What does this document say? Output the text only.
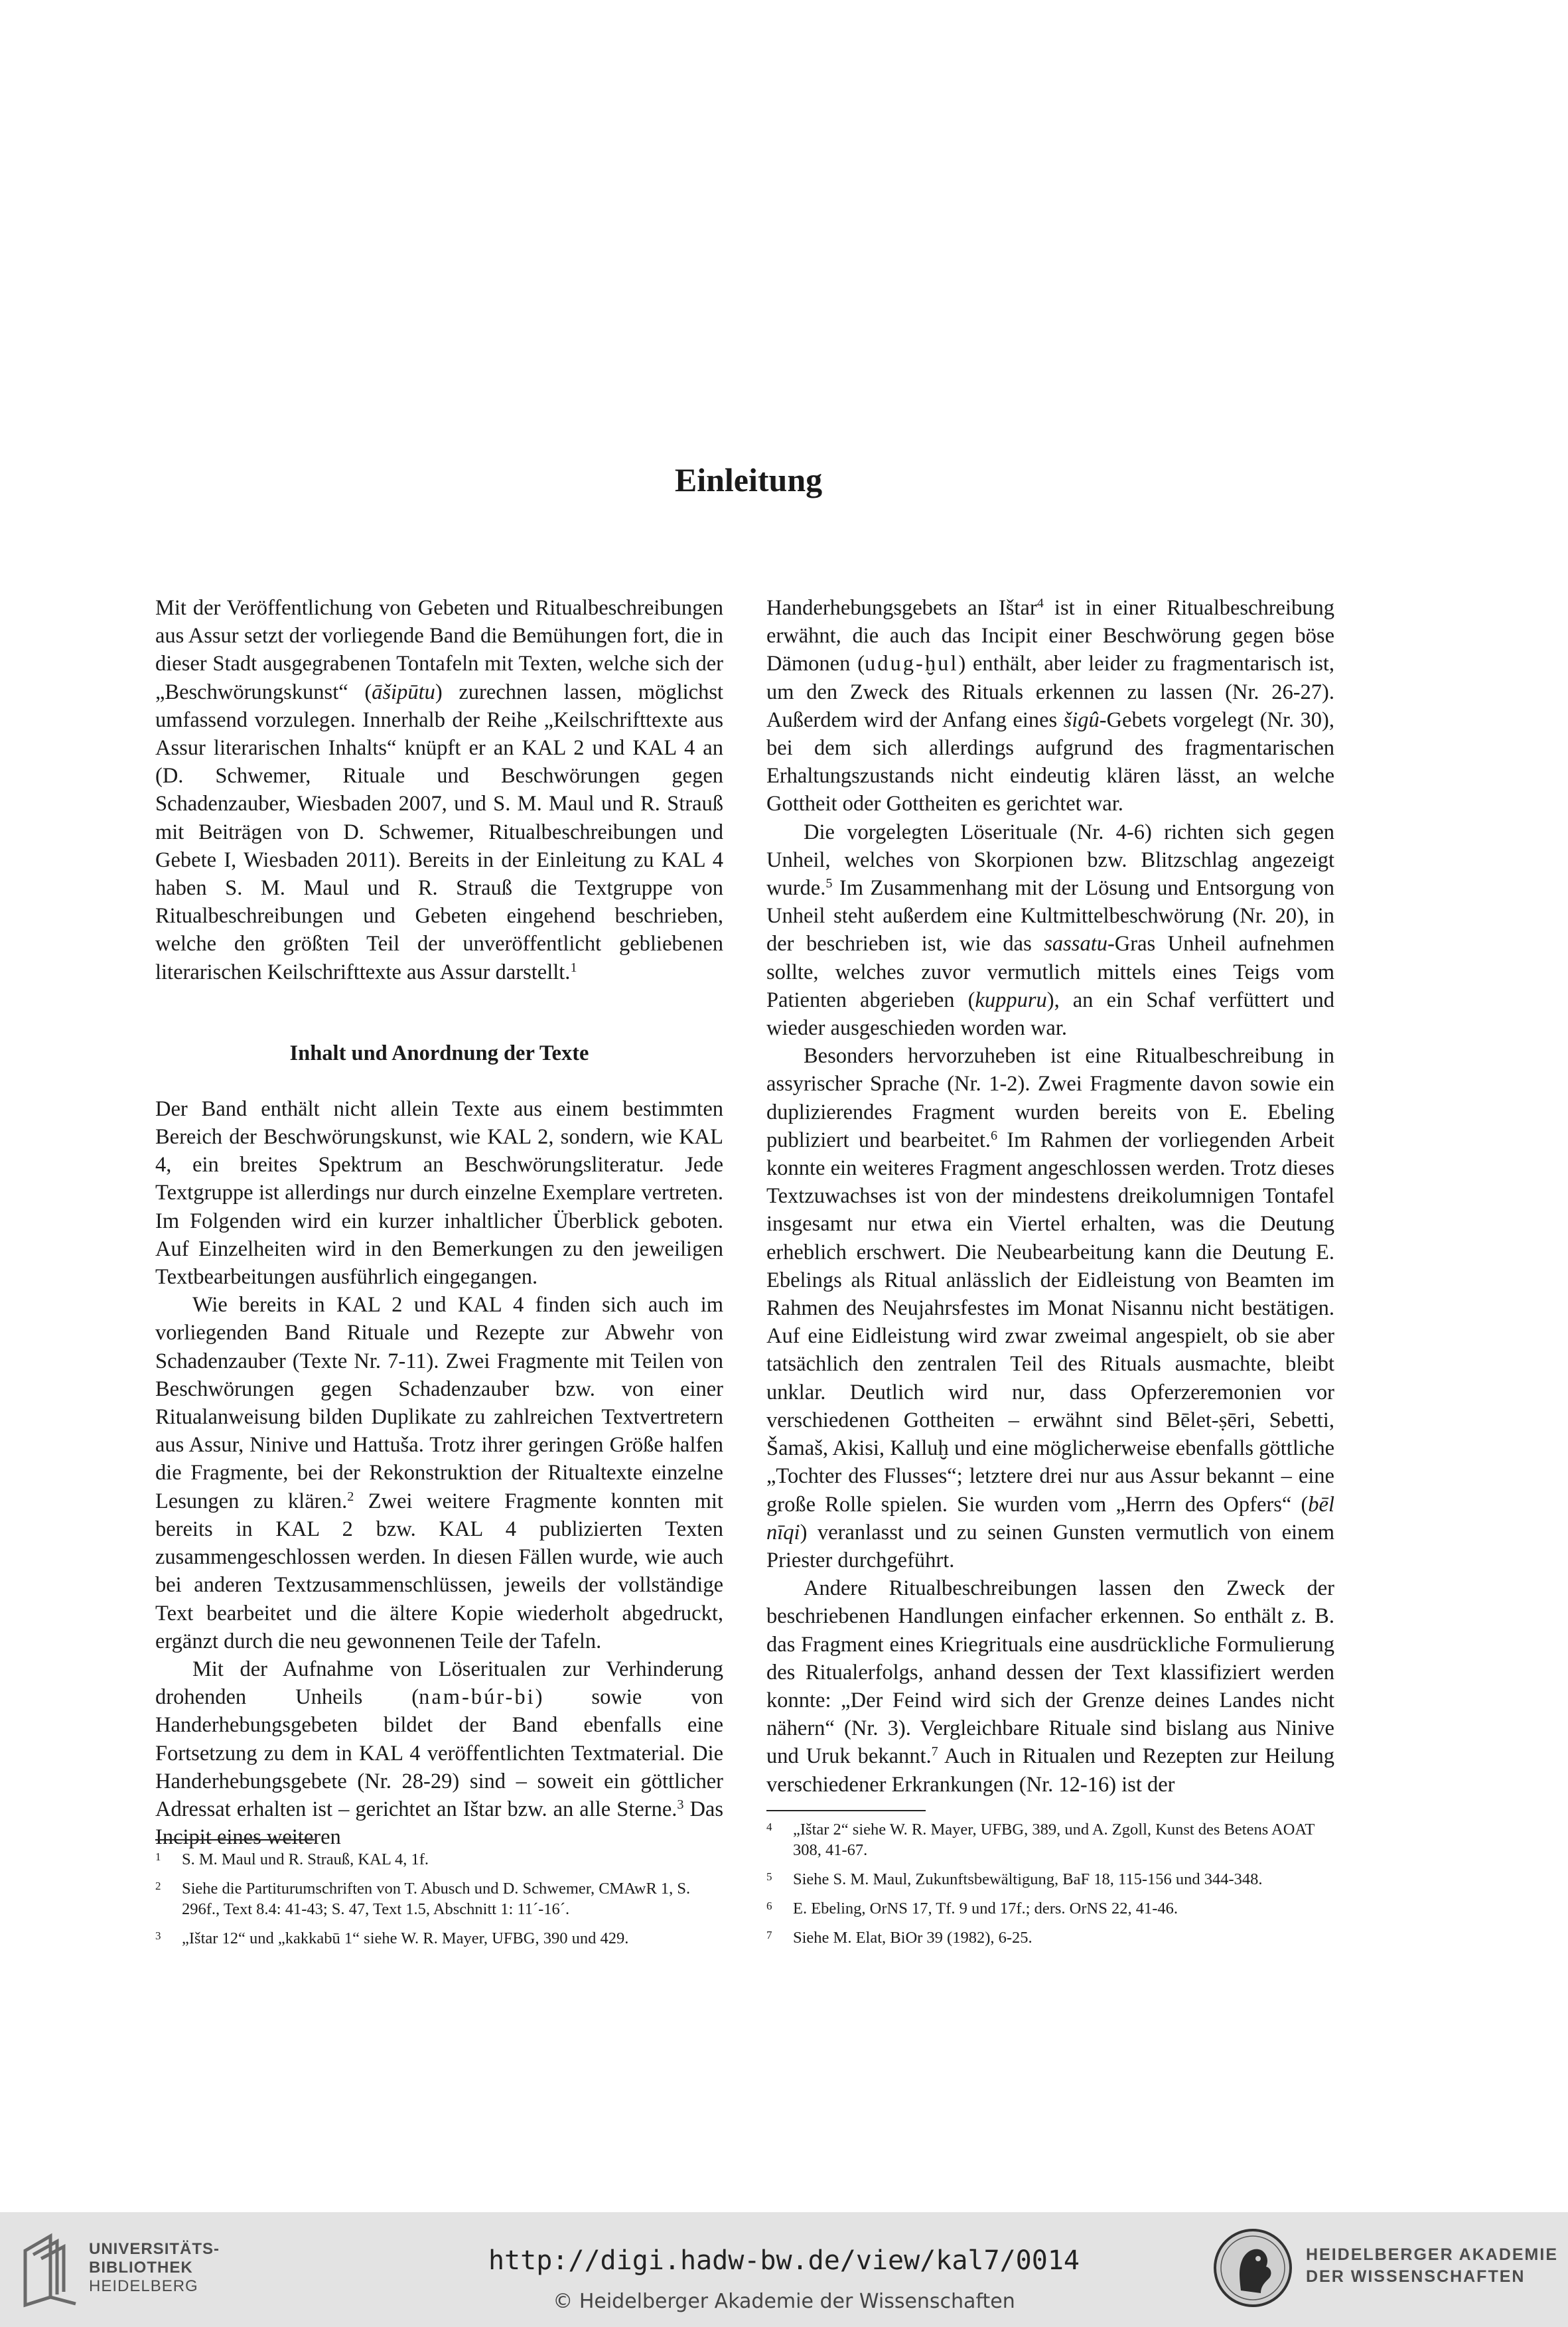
Einleitung

Mit der Veröffentlichung von Gebeten und Ritualbeschreibungen aus Assur setzt der vorliegende Band die Bemühungen fort, die in dieser Stadt ausgegrabenen Tontafeln mit Texten, welche sich der „Beschwörungskunst“ (āšipūtu) zurechnen lassen, möglichst umfassend vorzulegen. Innerhalb der Reihe „Keilschrifttexte aus Assur literarischen Inhalts“ knüpft er an KAL 2 und KAL 4 an (D. Schwemer, Rituale und Beschwörungen gegen Schadenzauber, Wiesbaden 2007, und S. M. Maul und R. Strauß mit Beiträgen von D. Schwemer, Ritualbeschreibungen und Gebete I, Wiesbaden 2011). Bereits in der Einleitung zu KAL 4 haben S. M. Maul und R. Strauß die Textgruppe von Ritualbeschreibungen und Gebeten eingehend beschrieben, welche den größten Teil der unveröffentlicht gebliebenen literarischen Keilschrifttexte aus Assur darstellt.$^1$

Inhalt und Anordnung der Texte

Der Band enthält nicht allein Texte aus einem bestimmten Bereich der Beschwörungskunst, wie KAL 2, sondern, wie KAL 4, ein breites Spektrum an Beschwörungsliteratur. Jede Textgruppe ist allerdings nur durch einzelne Exemplare vertreten. Im Folgenden wird ein kurzer inhaltlicher Überblick geboten. Auf Einzelheiten wird in den Bemerkungen zu den jeweiligen Textbearbeitungen ausführlich eingegangen.

Wie bereits in KAL 2 und KAL 4 finden sich auch im vorliegenden Band Rituale und Rezepte zur Abwehr von Schadenzauber (Texte Nr. 7-11). Zwei Fragmente mit Teilen von Beschwörungen gegen Schadenzauber bzw. von einer Ritualanweisung bilden Duplikate zu zahlreichen Textvertretern aus Assur, Ninive und Hattuša. Trotz ihrer geringen Größe halfen die Fragmente, bei der Rekonstruktion der Ritualtexte einzelne Lesungen zu klären.$^2$ Zwei weitere Fragmente konnten mit bereits in KAL 2 bzw. KAL 4 publizierten Texten zusammengeschlossen werden. In diesen Fällen wurde, wie auch bei anderen Textzusammenschlüssen, jeweils der vollständige Text bearbeitet und die ältere Kopie wiederholt abgedruckt, ergänzt durch die neu gewonnenen Teile der Tafeln.

Mit der Aufnahme von Löseritualen zur Verhinderung drohenden Unheils (nam-búr-bi) sowie von Handerhebungsgebeten bildet der Band ebenfalls eine Fortsetzung zu dem in KAL 4 veröffentlichten Textmaterial. Die Handerhebungsgebete (Nr. 28-29) sind – soweit ein göttlicher Adressat erhalten ist – gerichtet an Ištar bzw. an alle Sterne.$^3$ Das Incipit eines weiteren

1 S. M. Maul und R. Strauß, KAL 4, 1f.
2 Siehe die Partiturumschriften von T. Abusch und D. Schwemer, CMAwR 1, S. 296f., Text 8.4: 41-43; S. 47, Text 1.5, Abschnitt 1: 11´-16´.
3 „Ištar 12“ und „kakkabū 1“ siehe W. R. Mayer, UFBG, 390 und 429.

Handerhebungsgebets an Ištar$^4$ ist in einer Ritualbeschreibung erwähnt, die auch das Incipit einer Beschwörung gegen böse Dämonen (udug-ḫul) enthält, aber leider zu fragmentarisch ist, um den Zweck des Rituals erkennen zu lassen (Nr. 26-27). Außerdem wird der Anfang eines šigû-Gebets vorgelegt (Nr. 30), bei dem sich allerdings aufgrund des fragmentarischen Erhaltungszustands nicht eindeutig klären lässt, an welche Gottheit oder Gottheiten es gerichtet war.

Die vorgelegten Löserituale (Nr. 4-6) richten sich gegen Unheil, welches von Skorpionen bzw. Blitzschlag angezeigt wurde.$^5$ Im Zusammenhang mit der Lösung und Entsorgung von Unheil steht außerdem eine Kultmittelbeschwörung (Nr. 20), in der beschrieben ist, wie das sassatu-Gras Unheil aufnehmen sollte, welches zuvor vermutlich mittels eines Teigs vom Patienten abgerieben (kuppuru), an ein Schaf verfüttert und wieder ausgeschieden worden war.

Besonders hervorzuheben ist eine Ritualbeschreibung in assyrischer Sprache (Nr. 1-2). Zwei Fragmente davon sowie ein duplizierendes Fragment wurden bereits von E. Ebeling publiziert und bearbeitet.$^6$ Im Rahmen der vorliegenden Arbeit konnte ein weiteres Fragment angeschlossen werden. Trotz dieses Textzuwachses ist von der mindestens dreikolumnigen Tontafel insgesamt nur etwa ein Viertel erhalten, was die Deutung erheblich erschwert. Die Neubearbeitung kann die Deutung E. Ebelings als Ritual anlässlich der Eidleistung von Beamten im Rahmen des Neujahrsfestes im Monat Nisannu nicht bestätigen. Auf eine Eidleistung wird zwar zweimal angespielt, ob sie aber tatsächlich den zentralen Teil des Rituals ausmachte, bleibt unklar. Deutlich wird nur, dass Opferzeremonien vor verschiedenen Gottheiten – erwähnt sind Bēlet-ṣēri, Sebetti, Šamaš, Akisi, Kalluḫ und eine möglicherweise ebenfalls göttliche „Tochter des Flusses“; letztere drei nur aus Assur bekannt – eine große Rolle spielen. Sie wurden vom „Herrn des Opfers“ (bēl nīqi) veranlasst und zu seinen Gunsten vermutlich von einem Priester durchgeführt.

Andere Ritualbeschreibungen lassen den Zweck der beschriebenen Handlungen einfacher erkennen. So enthält z. B. das Fragment eines Kriegrituals eine ausdrückliche Formulierung des Ritualerfolgs, anhand dessen der Text klassifiziert werden konnte: „Der Feind wird sich der Grenze deines Landes nicht nähern“ (Nr. 3). Vergleichbare Rituale sind bislang aus Ninive und Uruk bekannt.$^7$ Auch in Ritualen und Rezepten zur Heilung verschiedener Erkrankungen (Nr. 12-16) ist der

4 „Ištar 2“ siehe W. R. Mayer, UFBG, 389, und A. Zgoll, Kunst des Betens AOAT 308, 41-67.
5 Siehe S. M. Maul, Zukunftsbewältigung, BaF 18, 115-156 und 344-348.
6 E. Ebeling, OrNS 17, Tf. 9 und 17f.; ders. OrNS 22, 41-46.
7 Siehe M. Elat, BiOr 39 (1982), 6-25.
UNIVERSITÄTS-
BIBLIOTHEK
HEIDELBERG
http://digi.hadw-bw.de/view/kal7/0014
© Heidelberger Akademie der Wissenschaften
HEIDELBERGER AKADEMIE
DER WISSENSCHAFTEN
